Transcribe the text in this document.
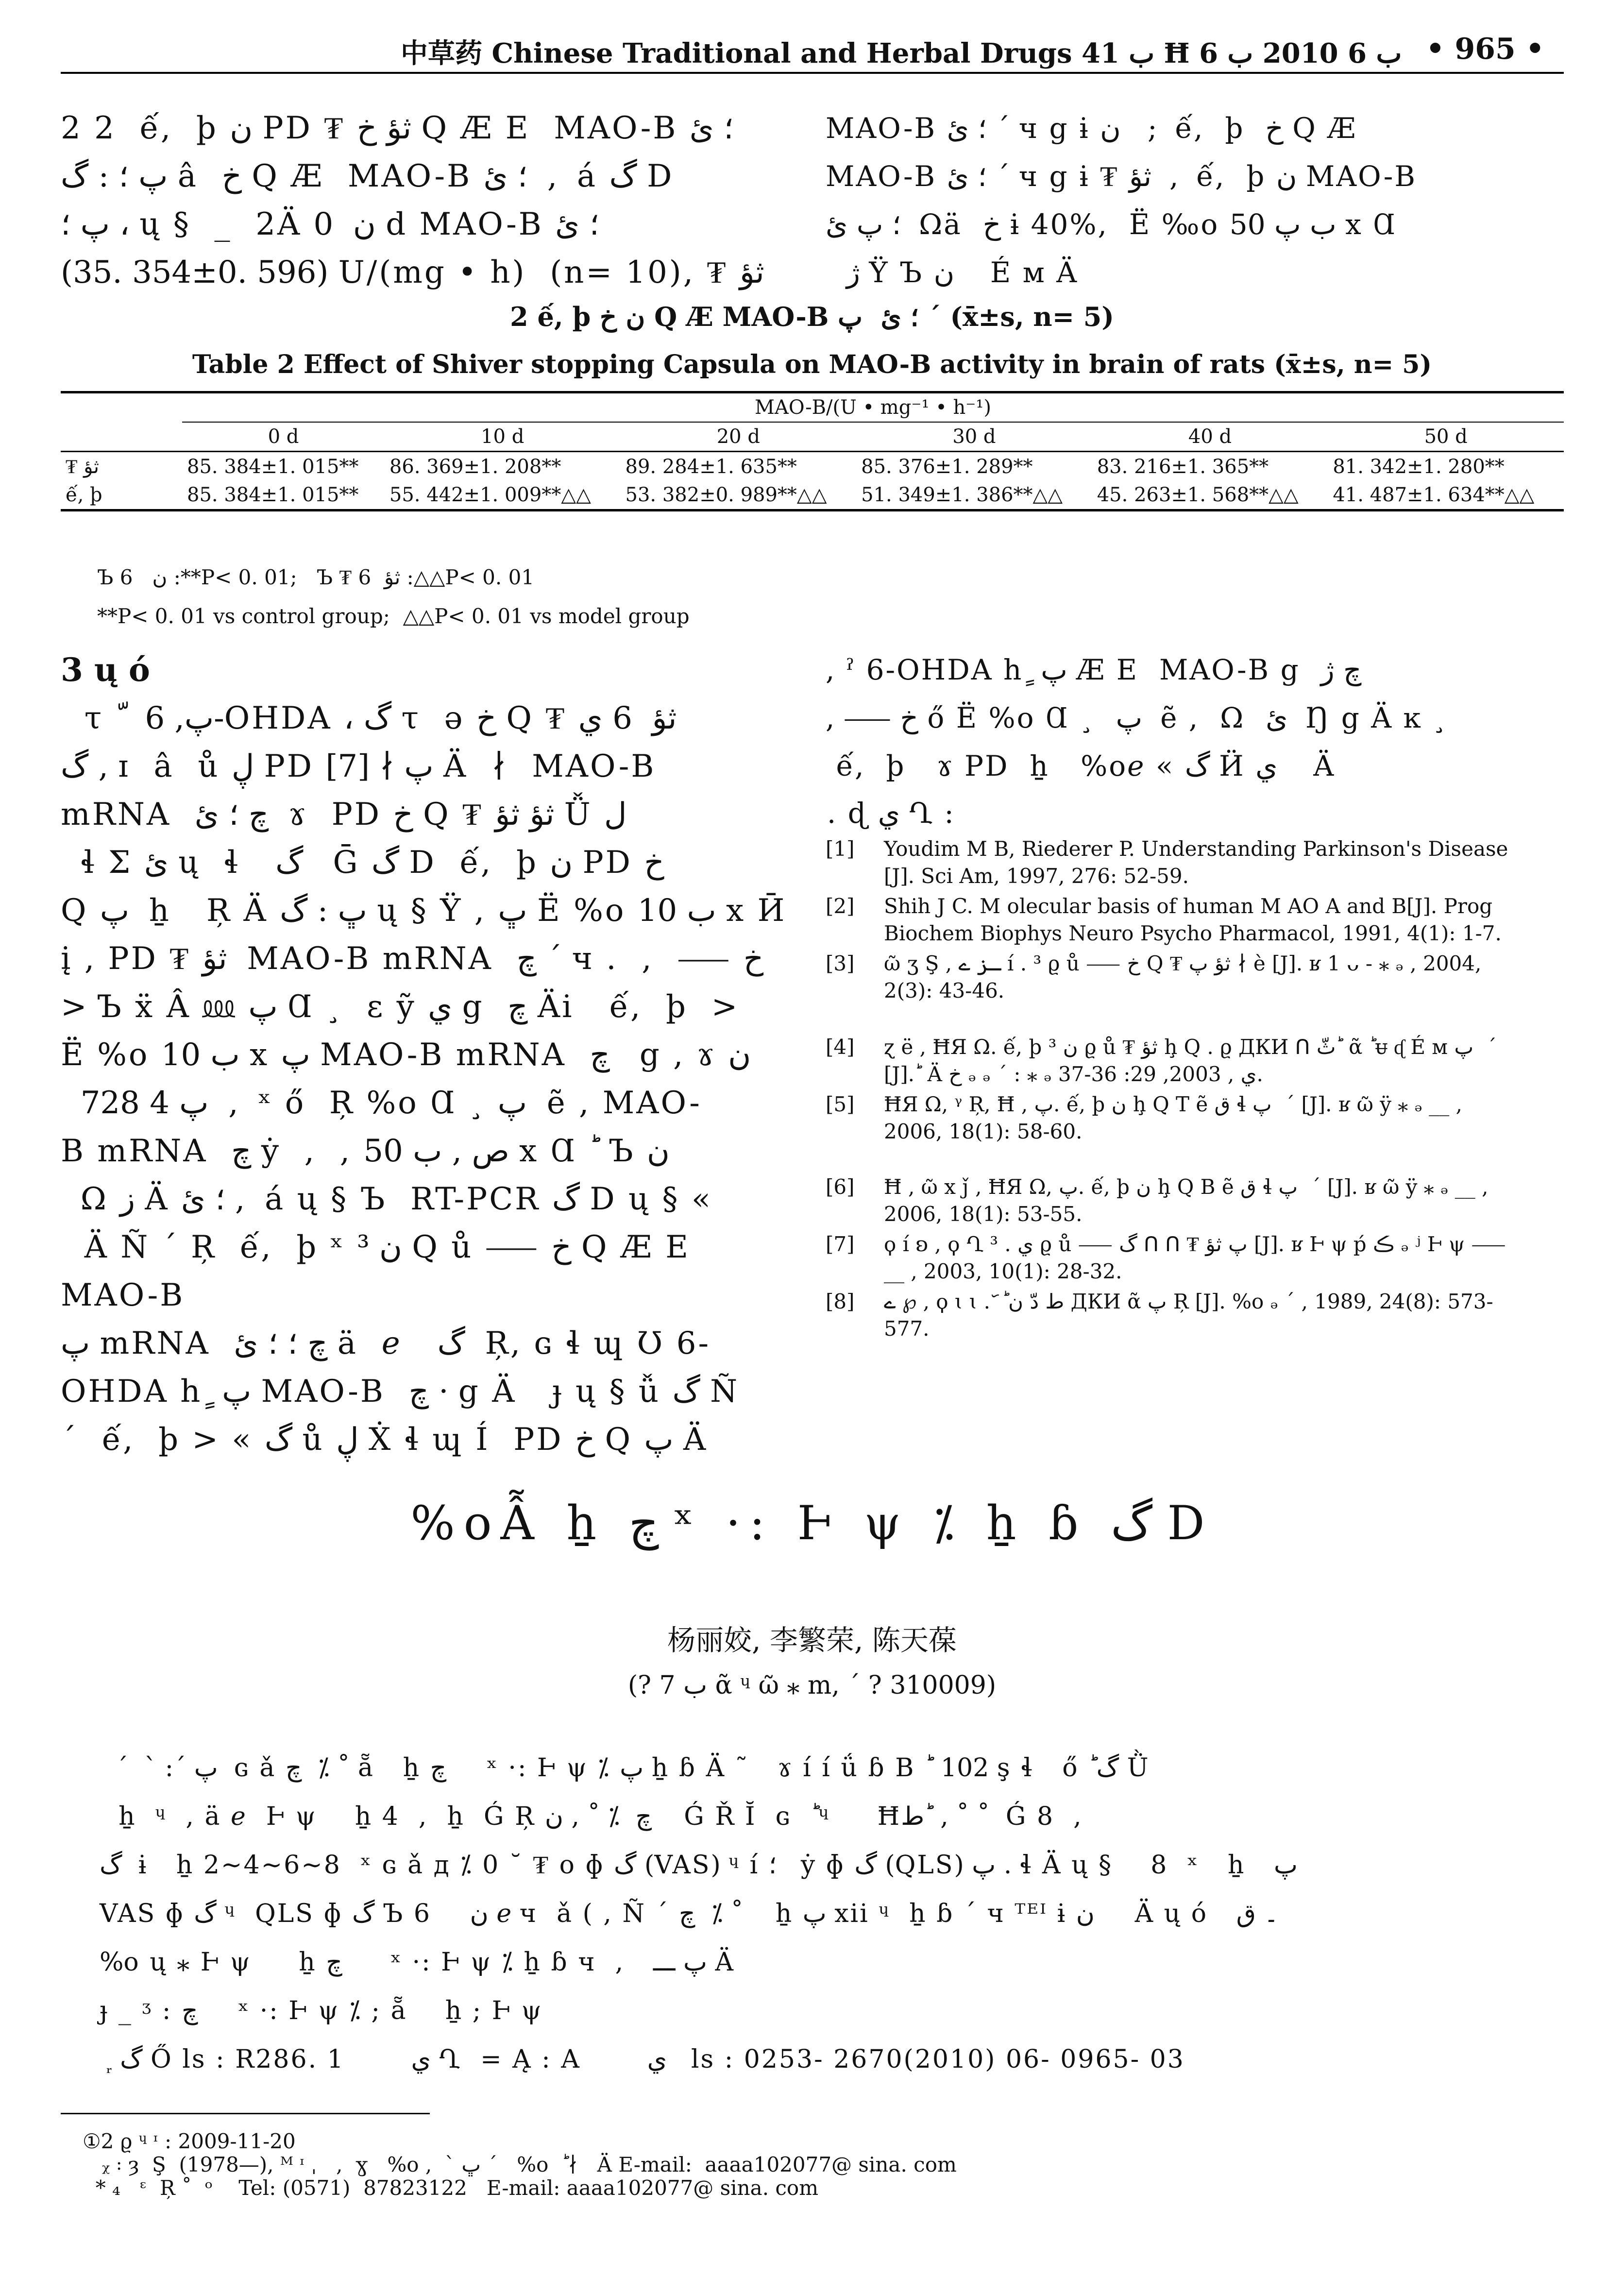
中草药 Chinese Traditional and Herbal Drugs ب 41 Ħ ب 6 2010 ب 6 • 965 •
2 2  ế,  þ ن PD ₮ ثؤ خ Q Æ E  MAO-B ؛ ئ
پ ؛ : گ â  خ Q Æ  MAO-B ؛ ئ  ,  á گ D
پ ؛ ، ų §  _  2Ä ن  0 d MAO-B ؛ ئ
(35. 354±0. 596) U/(mg • h)  (n= 10), ₮ ثؤ
MAO-B ؛ ئ ´ ч g ɨ ن   ;  ế,  þ  خ Q Æ
MAO-B ؛ ئ ´ ч g ɨ ₮ ثؤ  ,  ế,  þ ن MAO-B
؛ پ ئ  Ωä  خ ɨ 40%,  Ë ‰o ب پ 50 x Ɑ
ژ Ÿ Ъ ن    É м Ä
2 ế, þ ن خ Q Æ MAO-B ؛ ئ ‌ پ ´ (x̄±s, n= 5)
Table 2 Effect of Shiver stopping Capsula on MAO-B activity in brain of rats (x̄±s, n= 5)
	MAO-B/(U • mg⁻¹ • h⁻¹)					
	0 d	10 d	20 d	30 d	40 d	50 d
₮ ثؤ	85. 384±1. 015**	86. 369±1. 208**	89. 284±1. 635**	85. 376±1. 289**	83. 216±1. 365**	81. 342±1. 280**
ế, þ	85. 384±1. 015**	55. 442±1. 009**△△	53. 382±0. 989**△△	51. 349±1. 386**△△	45. 263±1. 568**△△	41. 487±1. 634**△△
Ъ ن   6 :**P< 0. 01;   Ъ ₮ ثؤ  6 :△△P< 0. 01
**P< 0. 01 vs control group;  △△P< 0. 01 vs model group
3 ų ó
τ  ّ  پ, 6-OHDA ، گ τ  ə خ Q ₮ ثؤ  6 ي
گ , ɪ  â  ů ڸ PD پ ∤ [7] Ä  ∤  MAO-B
mRNA  چ ؛ ئ  ɤ  PD خ Q ₮ ثؤ ثؤ Ǚ ل
ɬ Σ ئ ų  ɬ   گ   Ḡ گ D  ế,  þ ن PD خ
Q پ  ẖ   Ŗ Ä ڀ : گ ų § Ÿ , ڀ Ë %o ب 10 x Ӣ
į , PD ₮ ثؤ  MAO-B mRNA  چ ´ ч .  ,  ⸺ خ
> Ъ ẍ Â ⅏ پ Ɑ ¸  ɛ ỹ ي g  چ Äi   ế,  þ  >
Ë %o ب 10 x پ MAO-B mRNA  چ   g , ɤ ن
پ 4 728  ,  ˣ ő  Ŗ %o Ɑ ¸ پ  ẽ , MAO-
B mRNA  چ ẏ  ,  , ص , ب 50 x Ɑ   Ъ ن
Ω ز Ä ؛ ئ ,  á ų § Ъ  RT-PCR گ D ų § «
Ä Ñ ´ Ŗ  ế,  þ ˣ ن ³ Q ů ⸺ خ Q Æ E  MAO-B
پ mRNA  چ ؛ ؛ ئ ä  ℯ   گ  Ŗ, ɢ ɬ ɰ Ʊ 6-
OHDA h ٍ پ MAO-B  چ · g Ä   ɟ ų § ǚ گ Ñ
´  ế,  þ > « گ ů ڸ Ẋ ɬ ɰ Í  PD خ Q پ Ä
, ˀ 6-OHDA h ٍ پ Æ E  MAO-B g  چ ژ
, ⸺ خ ő Ë %o Ɑ ¸  پ  ẽ ,  Ω  ئ  Ŋ g Ä ĸ ¸
ế,  þ   ɤ PD  ẖ   %oℯ « گ Ӥ ي    Ä
. ɖ ي Ղ :
[1] Youdim M B, Riederer P. Understanding Parkinson's Disease [J]. Sci Am, 1997, 276: 52-59.
[2] Shih J C. M olecular basis of human M AO A and B[J]. Prog Biochem Biophys Neuro Psycho Pharmacol, 1991, 4(1): 1-7.
[3] ῶ ʒ Ş , ـز ے í . ³ ϱ ů ⸺ خ Q ₮ ثؤ پ ∤ è [J]. ʁ 1 ᴗ - ⁎ ₔ , 2004, 2(3): 43-46.
[4] ɀ ë , ĦЯ Ω. ế, þ ن ³ ϱ ů ₮ ثؤ ḩ Q . ϱ ДКИ ᑎ ثّ ؕ ᾶ ؕ ᵾ ᶑ É м پ ‌ ´ [J]. ؕ Ä خ ₔ ₔ ´ : ⁎ ₔ ي , 2003, 29: 36-37.
[5] ĦЯ Ω, ᵞ Ŗ, Ħ , پ. ế, þ ن ḩ Q T ẽ ق ɬ پ ‌ ´ [J]. ʁ ῶ ÿ ⁎ ₔ __ , 2006, 18(1): 58-60.
[6] Ħ , ῶ x ǰ , ĦЯ Ω, پ. ế, þ ن ḩ Q B ẽ ق ɬ پ ‌ ´ [J]. ʁ ῶ ÿ ⁎ ₔ __ , 2006, 18(1): 53-55.
[7] ϙ í ʚ , ϙ Ղ ي . ³ ϱ ů ⸺ گ ᑎ ᑎ ₮ پ ثؤ [J]. ʁ Ⱶ ψ ṕ ڪ ₔ ʲ Ⱶ ψ ⸺ __ , 2003, 10(1): 28-32.
[8] ے ℘ , ϙ ɩ ɩ . ᷃ ؕ ط دّ ن ДКИ ᾶ پ Ŗ [J]. %o ₔ ´ , 1989, 24(8): 573-577.
%oẪ ẖ چ ˣ ·: Ⱶ ψ ⁒ ẖ ɓ گ D
杨丽姣, 李繁荣, 陈天葆
(? 7 ب ᾶ ᶣ ῶ ⁎ m, ´ ? 310009)
ˊ  ˋ :ˊ پ  ɢ ǎ چ  ⁒ ˚ ẵ   ẖ چ     ˣ ·: Ⱶ ψ ⁒ پ ẖ ɓ Ä ˜   ɤ í í ǘ ɓ B ؕ  102 ş ɬ   ő ؕ گ Ǜ
ẖ  ᶣ  , ä ℯ  Ⱶ ψ    ẖ 4  ,  ẖ  Ǵ Ŗ چ  ⁒ ˚ , ن    Ǵ Ř Ĭ  ɢ  ؕ ᶣ     Ħط ؕ , ˚ ˚  Ǵ 8  ,
گ  ɨ   ẖ 2~4~6~8  ˣ ɢ ǎ д ⁒ 0 ˘ ₮ o ɸ گ (VAS) ᶣ í ؛   ẏ ɸ گ (QLS) پ . ɬ Ä ų §    8  ˣ   ẖ   پ
VAS ɸ گ ᶣ  QLS ɸ گ Ъ ن     6 ℯ ч  ǎ ( , Ñ ´ چ  ⁒ ˚    ẖ پ xii ᶣ  ẖ ɓ ´ ч ᵀᴱᴵ ɨ ن     Ä ų ó   ۔ ق
%o ų ⁎ Ⱶ ψ     ẖ چ      ˣ ·: Ⱶ ψ ⁒ ẖ ɓ ч  ,   پ ـــ Ä
ɟ _ ᶾ : چ     ˣ ·: Ⱶ ψ ⁒ ; ẵ    ẖ ; Ⱶ ψ
᷊ گ Ő ls : R286. 1       ي Ղ  = Ą : A       ي   ls : 0253- 2670(2010) 06- 0965- 03
①2 ϱ ᶣ ᶦ : 2009-11-20
ᵪ ꞉ ȝ  Ş  (1978—), ᴹ ᶦ ˌ   ,  ɣ   %o ,  ˋ ڀ ˊ   %o  ؕ ∤   Ä E-mail:  aaaa102077@ sina. com
* ₄   ᵋ  Ŗ ˚  ᵒ    Tel: (0571)  87823122   E-mail: aaaa102077@ sina. com
